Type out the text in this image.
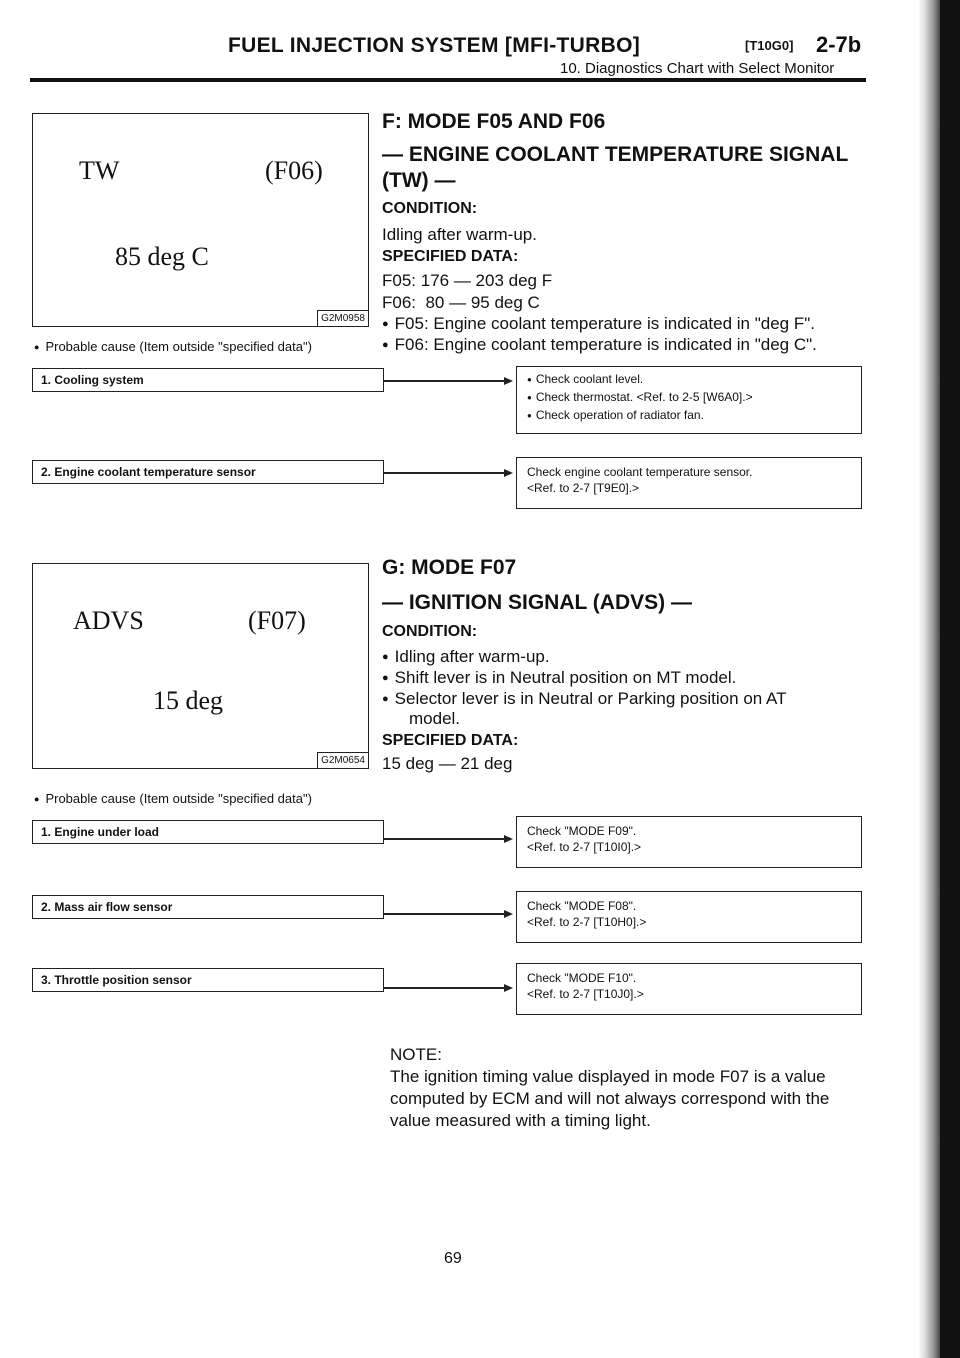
FUEL INJECTION SYSTEM [MFI-TURBO]	[T10G0] 2-7b
10. Diagnostics Chart with Select Monitor
TW	(F06)
85 deg C
G2M0958
F: MODE F05 AND F06
— ENGINE COOLANT TEMPERATURE SIGNAL
(TW) —
CONDITION:
Idling after warm-up.
SPECIFIED DATA:
F05: 176 — 203 deg F
F06:  80 — 95 deg C
● F05: Engine coolant temperature is indicated in "deg F".
● F06: Engine coolant temperature is indicated in "deg C".
● Probable cause (Item outside "specified data")
1. Cooling system
●	Check coolant level.
● Check thermostat. <Ref. to 2-5 [W6A0].>
● Check operation of radiator fan.
2. Engine coolant temperature sensor	Check engine coolant temperature sensor.
<Ref. to 2-7 [T9E0].>
ADVS	(F07)
15 deg
G2M0654
G: MODE F07
— IGNITION SIGNAL (ADVS) —
CONDITION:
● Idling after warm-up.
● Shift lever is in Neutral position on MT model.
● Selector lever is in Neutral or Parking position on AT
model.
SPECIFIED DATA:
15 deg — 21 deg
● Probable cause (Item outside "specified data")
1. Engine under load	Check "MODE F09".
<Ref. to 2-7 [T10I0].>
2. Mass air flow sensor	Check "MODE F08".
<Ref. to 2-7 [T10H0].>
3. Throttle position sensor	Check "MODE F10".
<Ref. to 2-7 [T10J0].>
NOTE:
The ignition timing value displayed in mode F07 is a value
computed by ECM and will not always correspond with the
value measured with a timing light.
69
